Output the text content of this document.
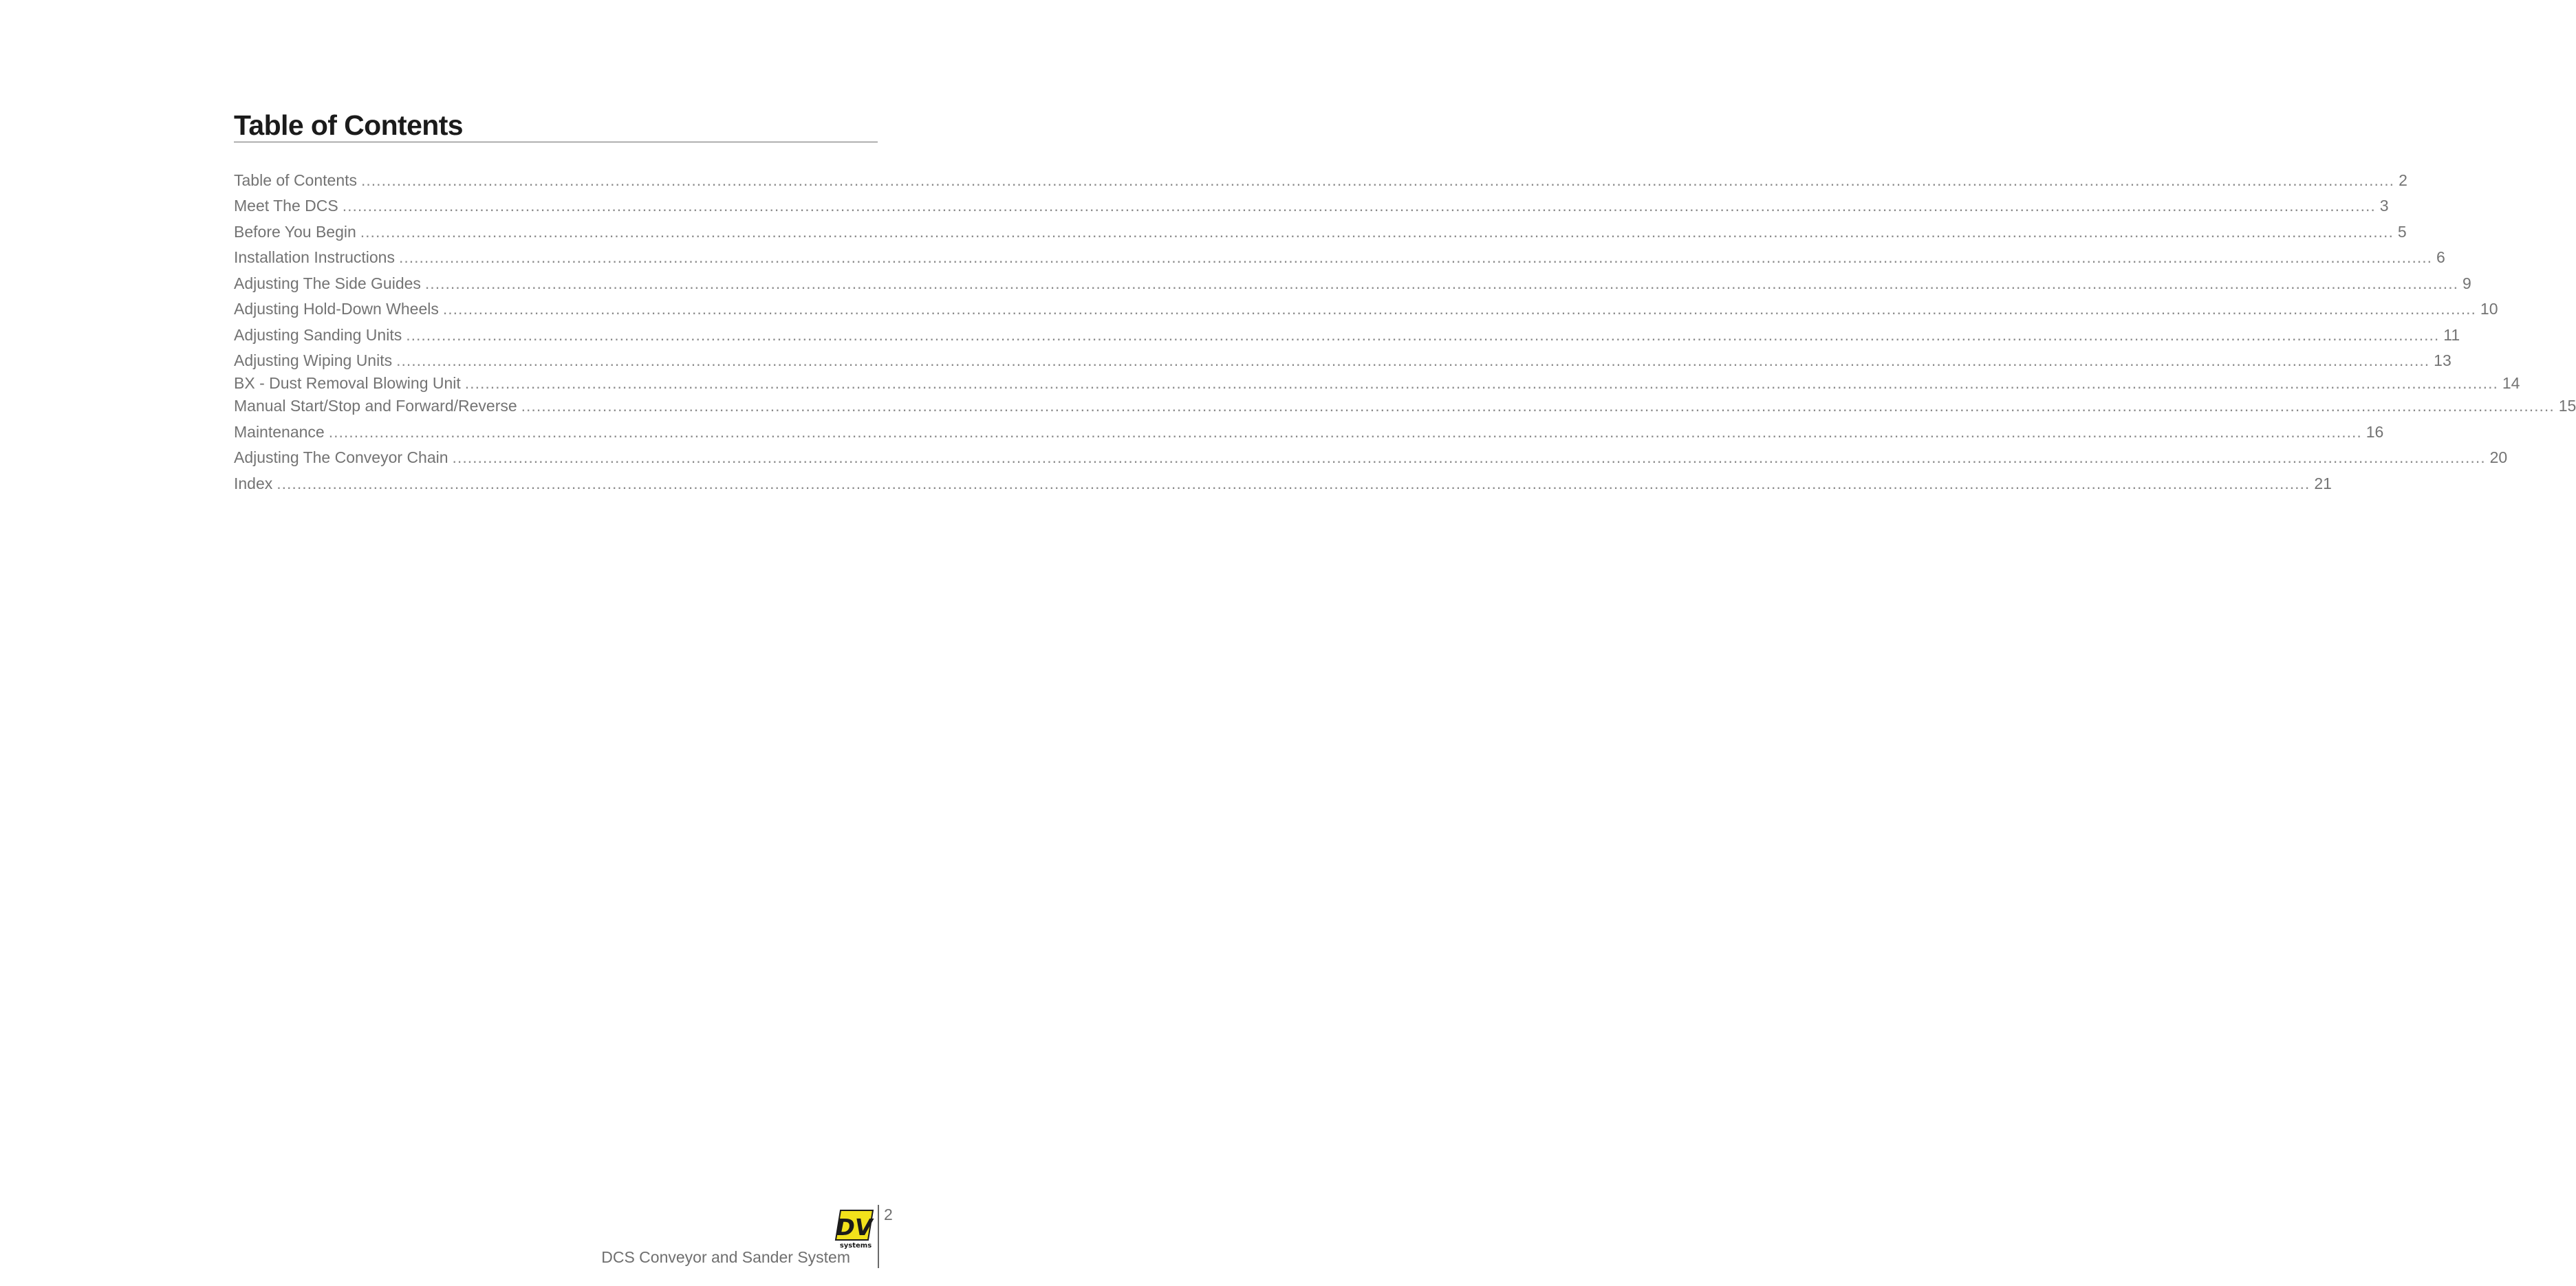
Table of Contents
Table of Contents ................................................................................................................................................................................................................................................................................................................................................................................................................ 2
Meet The DCS ................................................................................................................................................................................................................................................................................................................................................................................................................ 3
Before You Begin ................................................................................................................................................................................................................................................................................................................................................................................................................ 5
Installation Instructions ................................................................................................................................................................................................................................................................................................................................................................................................................ 6
Adjusting The Side Guides ................................................................................................................................................................................................................................................................................................................................................................................................................ 9
Adjusting Hold-Down Wheels ................................................................................................................................................................................................................................................................................................................................................................................................................ 10
Adjusting Sanding Units ................................................................................................................................................................................................................................................................................................................................................................................................................ 11
Adjusting Wiping Units ................................................................................................................................................................................................................................................................................................................................................................................................................ 13
BX - Dust Removal Blowing Unit ................................................................................................................................................................................................................................................................................................................................................................................................................ 14
Manual Start/Stop and Forward/Reverse ................................................................................................................................................................................................................................................................................................................................................................................................................ 15
Maintenance ................................................................................................................................................................................................................................................................................................................................................................................................................ 16
Adjusting The Conveyor Chain ................................................................................................................................................................................................................................................................................................................................................................................................................ 20
Index ................................................................................................................................................................................................................................................................................................................................................................................................................ 21
2
DV
systems
DCS Conveyor and Sander System
